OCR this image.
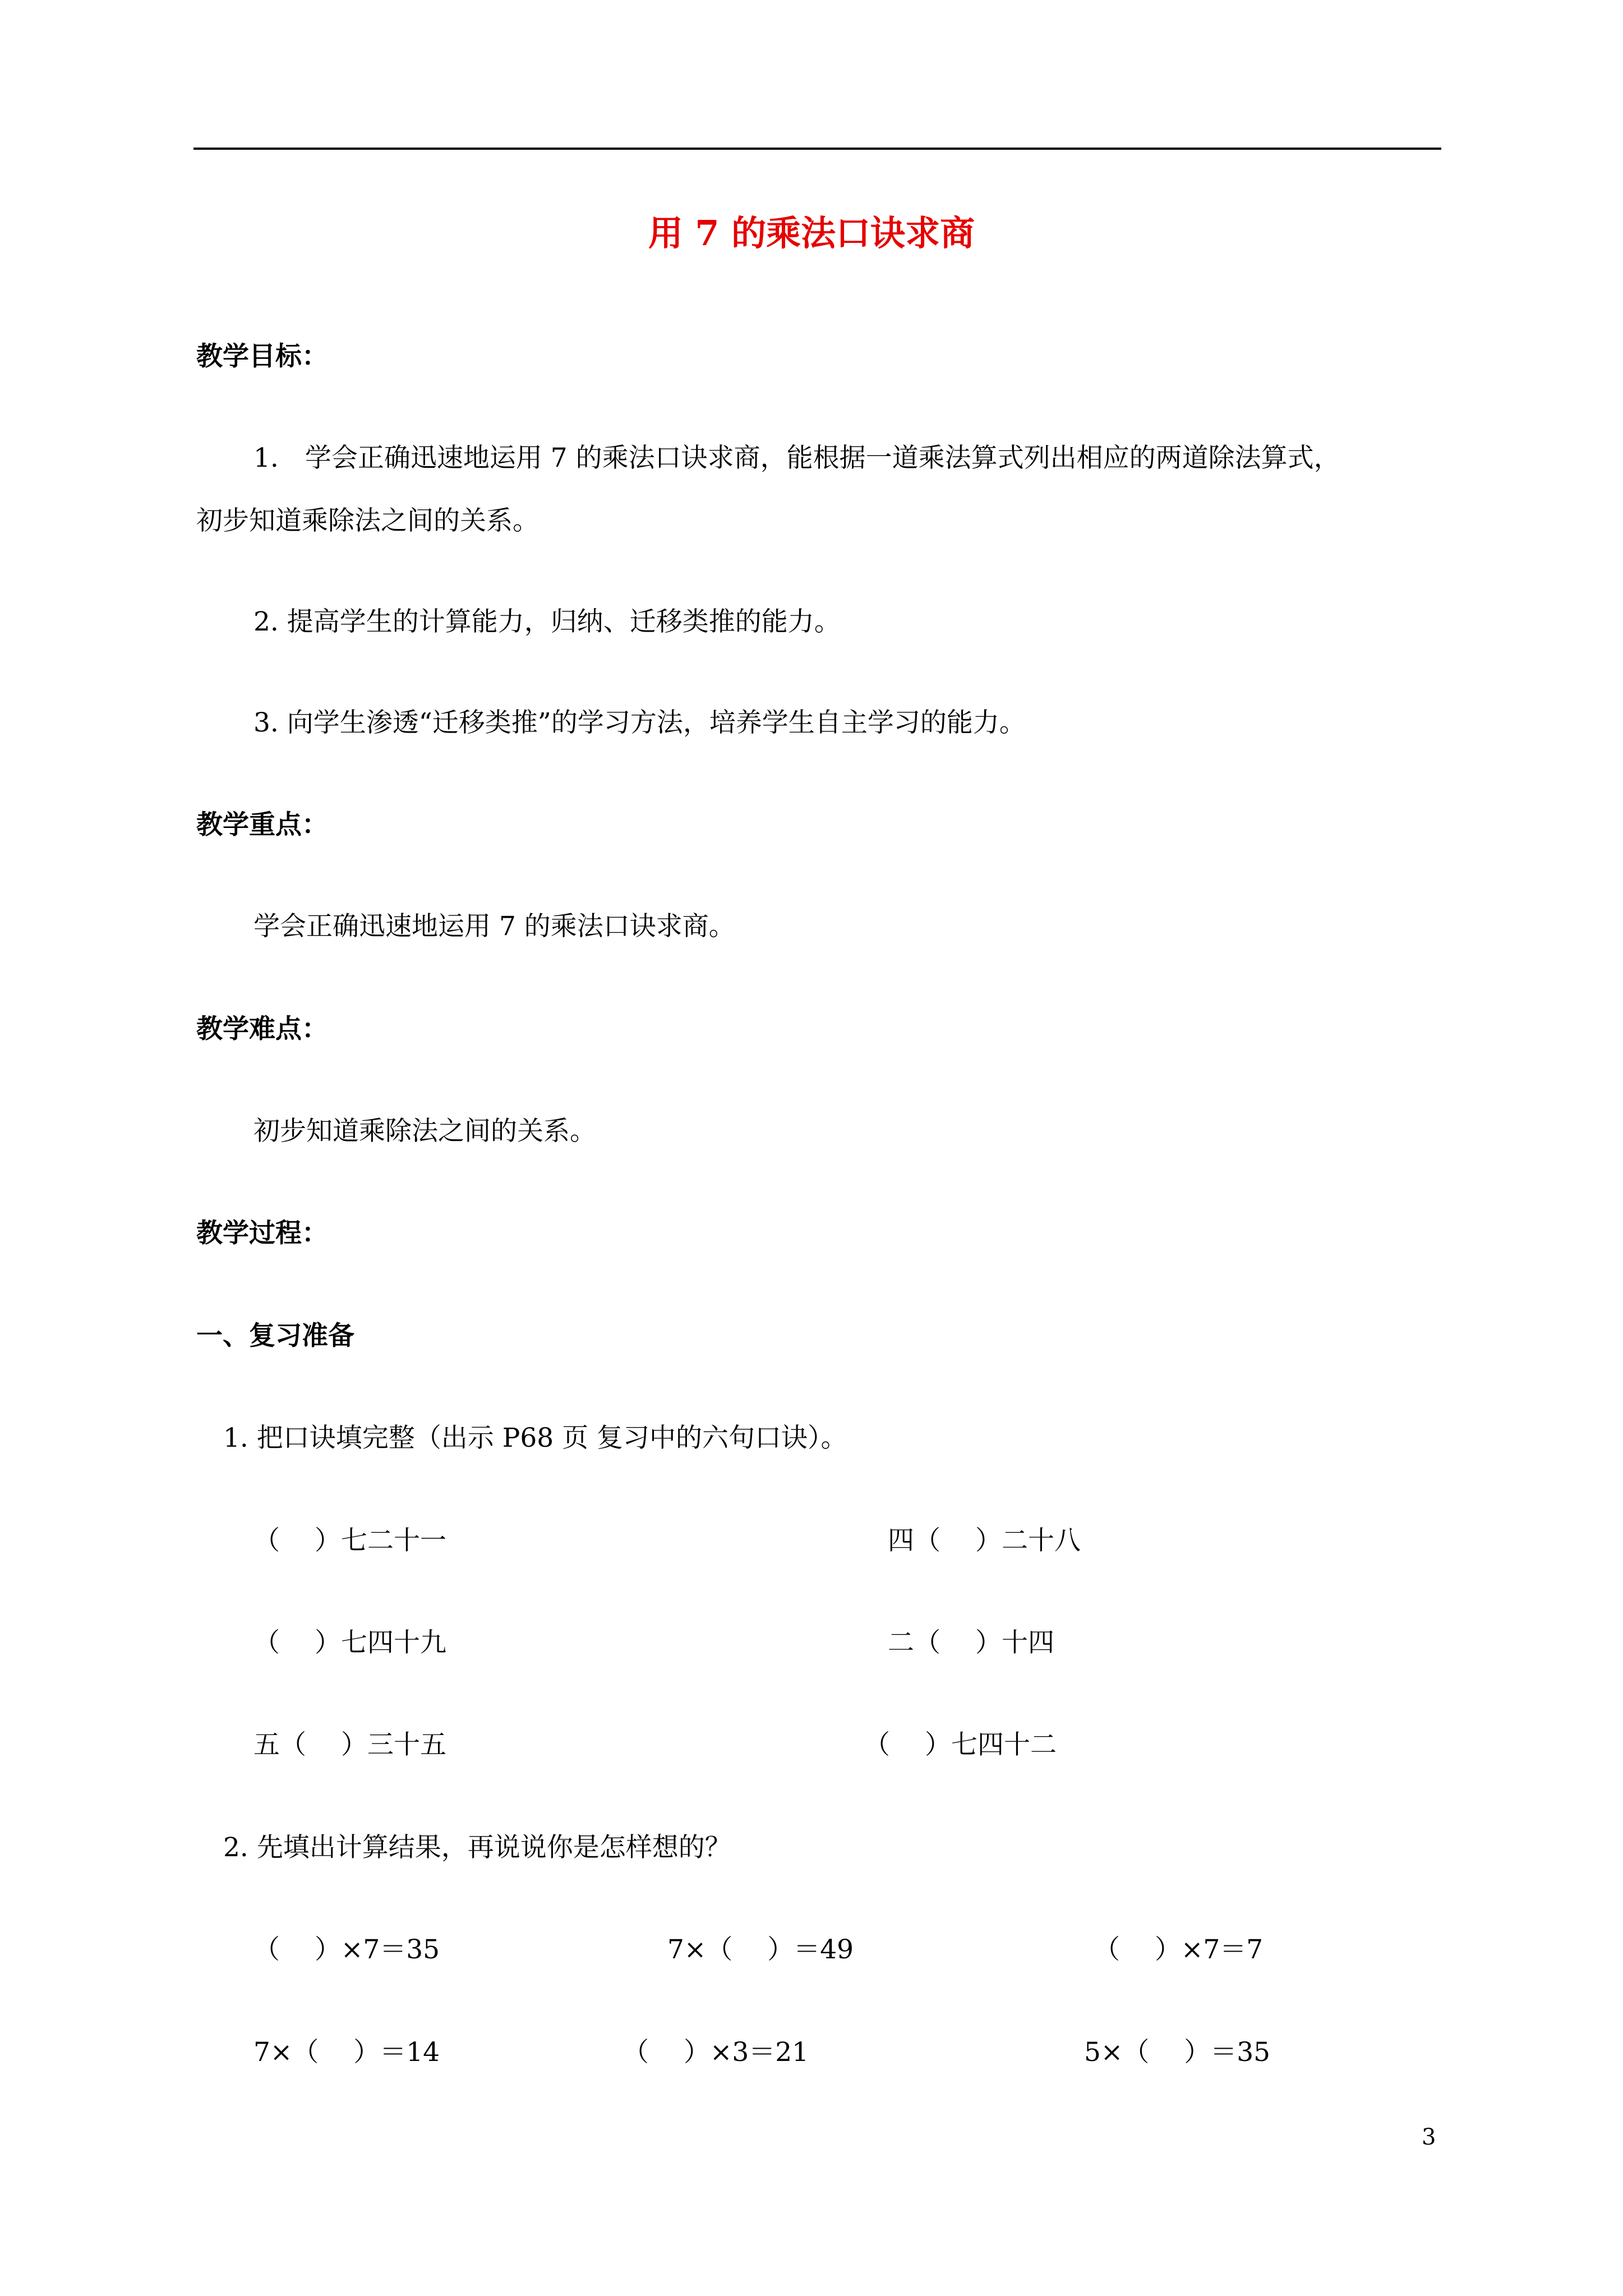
用 7 的乘法口诀求商
教学目标：
1.　学会正确迅速地运用 7 的乘法口诀求商，能根据一道乘法算式列出相应的两道除法算式，
初步知道乘除法之间的关系。
2. 提高学生的计算能力，归纳、迁移类推的能力。
3. 向学生渗透“迁移类推”的学习方法，培养学生自主学习的能力。
教学重点：
学会正确迅速地运用 7 的乘法口诀求商。
教学难点：
初步知道乘除法之间的关系。
教学过程：
一、复习准备
1. 把口诀填完整（出示 P68 页 复习中的六句口诀）。
（　 ）七二十一	四（　 ）二十八
（　 ）七四十九	二（　 ）十四
五（　 ）三十五	（　 ）七四十二
2. 先填出计算结果，再说说你是怎样想的？
（　 ）×7＝35	7×（　 ）＝49	（　 ）×7＝7
7×（　 ）＝14	（　 ）×3＝21	5×（　 ）＝35
3
